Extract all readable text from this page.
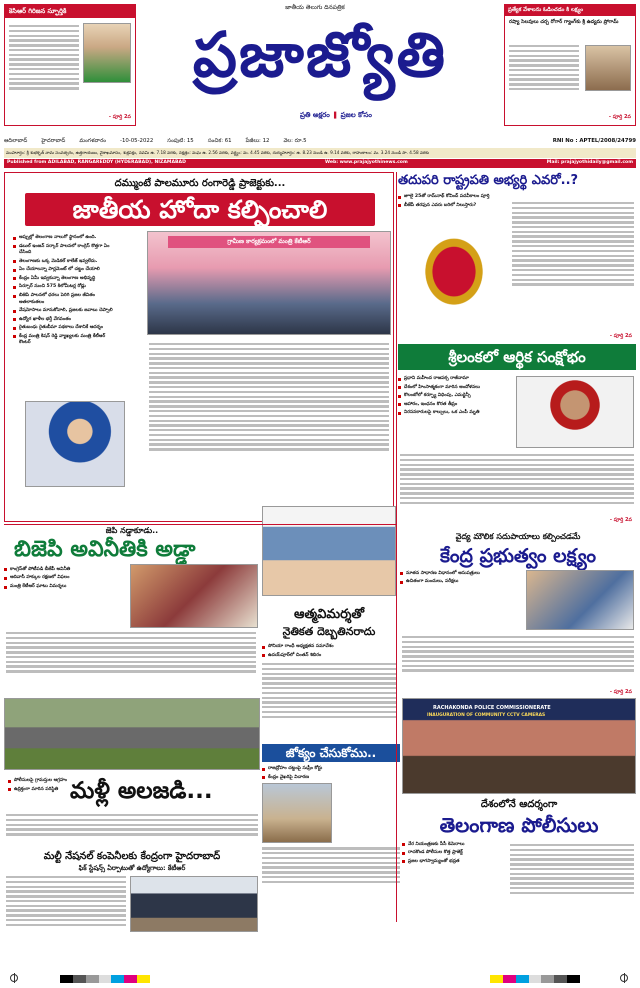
కెసిఆర్ గిరిజన స్ఫూర్తికి
- పూర్తి 2వ
జాతీయ తెలుగు దినపత్రిక
ప్రజాజ్యోతి
ప్రతి అక్షరం ❚ ప్రజల కోసం
ప్రత్యేక వేశాలను ఓడించడం కి లక్ష్యం
రష్యా సెలవులు చర్చ రోగార్ గ్యాంగ్‌కు శ్రీ ఉద్యమ ప్రోగామ్
- పూర్తి 2వ
ఆదిలాబాద్	హైదరాబాద్	మంగళవారం	-10-05-2022	సంపుటి: 15	సంచిక: 61	పేజీలు: 12	వెల: రూ.5	RNI No : APTEL/2008/24799
ముహూర్తం: శ్రీ శుభకృత్ నామ సంవత్సరం, ఉత్తరాయణం, వైశాఖమాసం, శుక్లపక్షం, నవమి ఉ. 7.18 వరకు, నక్షత్రం: మఘ ఉ. 2.56 వరకు, వర్జ్యం: మ. 4.45 వరకు, దుర్ముహూర్తం: ఉ. 8.23 నుండి ఉ. 9.14 వరకు, రాహుకాలం: మ. 3.24 నుండి సా. 4.58 వరకు
Published from ADILABAD, RANGAREDDY (HYDERABAD), NIZAMABAD	Web: www.prajajyothinews.com	Mail: prajajyothidaily@gmail.com
దమ్ముంటే పాలమూరు రంగారెడ్డి ప్రాజెక్టుకు...
జాతీయ హోదా కల్పించాలి
అప్పుల్లో తెలంగాణ నాలుగో స్థానంలో ఉంది.
డబుల్ ఇంజన్ సర్కార్ పాలనలో కాంగ్రెస్ కొత్తగా ఏం చేసింది
తెలంగాణకు ఒక్క మెడికల్ కాలేజ్ ఇవ్వలేదు.
ఏం చేయాలన్నా పార్లమెంట్ లో చట్టం చేయాలి
కేంద్రం ఏమీ ఇవ్వకున్నా తెలంగాణ అభివృద్ధి
సిర్పూర్ నుంచి 575 కిలోమీటర్ల రోడ్లు
బిజెపి పాలనలో ధరలు పెరిగి ప్రజల జీవితం అతలాకుతలం
వేషమోసాలు మానుకోవాలి, ప్రజలకు జవాబు చెప్పాలి
ఉద్యోగ ఖాళీల భర్తీ వేగవంతం
రైతుబంధు రైతుబీమా పథకాలు దేశానికే ఆదర్శం
కేంద్ర మంత్రి కిషన్ రెడ్డి వ్యాఖ్యలకు మంత్రి కేటీఆర్ కౌంటర్
గ్రామీణ కార్యక్రమంలో మంత్రి కేటీఆర్
తదుపరి రాష్ట్రపతి అభ్యర్థి ఎవరో..?
జూలై 25తో రామ్‌నాథ్ కోవింద్ పదవీకాలం పూర్తి
బీజేపీ తరఫున ఎవరు బరిలో నిలుస్తారు?
- పూర్తి 2వ
శ్రీలంకలో ఆర్థిక సంక్షోభం
ప్రధాని మహీంద రాజపక్స రాజీనామా
దేశంలో హింసాత్మకంగా మారిన ఆందోళనలు
కొలంబోలో కర్ఫ్యూ విధింపు, ఎమర్జెన్సీ
ఆహారం, ఇంధనం కొరత తీవ్రం
నిరసనకారులపై కాల్పులు, ఒక ఎంపీ మృతి
- పూర్తి 2వ
జెపి నడ్డాకూడు..
బిజెపి అవినీతికి అడ్డా
కాంగ్రెస్‌తో పోటీపడి బీజేపీ అవినీతి
ఆదివాసీ హక్కుల రక్షణలో విఫలం
మంత్రి కేటీఆర్ ఘాటు విమర్శలు
ఆత్మవిమర్శతో
నైతికత దెబ్బతినరాదు
సోనియా గాంధీ అధ్యక్షతన సమావేశం
ఉదయ్‌పూర్‌లో చింతన్ శిబిరం
వైద్య మౌలిక సదుపాయాలు కల్పించడమే
కేంద్ర ప్రభుత్వం లక్ష్యం
నూతన సాధారణ విధానంలో ఆసుపత్రులు
ఉచితంగా మందులు, పరీక్షలు
- పూర్తి 2వ
పోలీసులపై గ్రామస్తుల ఆగ్రహం
ఉద్రిక్తంగా మారిన పరిస్థితి మళ్లీ అలజడి...
జోక్యం చేసుకోము..
రాజద్రోహం చట్టంపై సుప్రీం కోర్టు
కేంద్రం వైఖరిపై విచారణ
RACHAKONDA POLICE COMMISSIONERATE
INAUGURATION OF COMMUNITY CCTV CAMERAS
దేశంలోనే ఆదర్శంగా
తెలంగాణ పోలీసులు
నేర నియంత్రణకు సీసీ కెమెరాలు
రాచకొండ పోలీసుల కొత్త ప్రాజెక్ట్
ప్రజల భాగస్వామ్యంతో భద్రత
మల్టీ నేషనల్ కంపెనీలకు కేంద్రంగా హైదరాబాద్
ఫిక్ స్టేషన్స్ ఏర్పాటుతో ఉద్యోగాలు: కేటీఆర్
